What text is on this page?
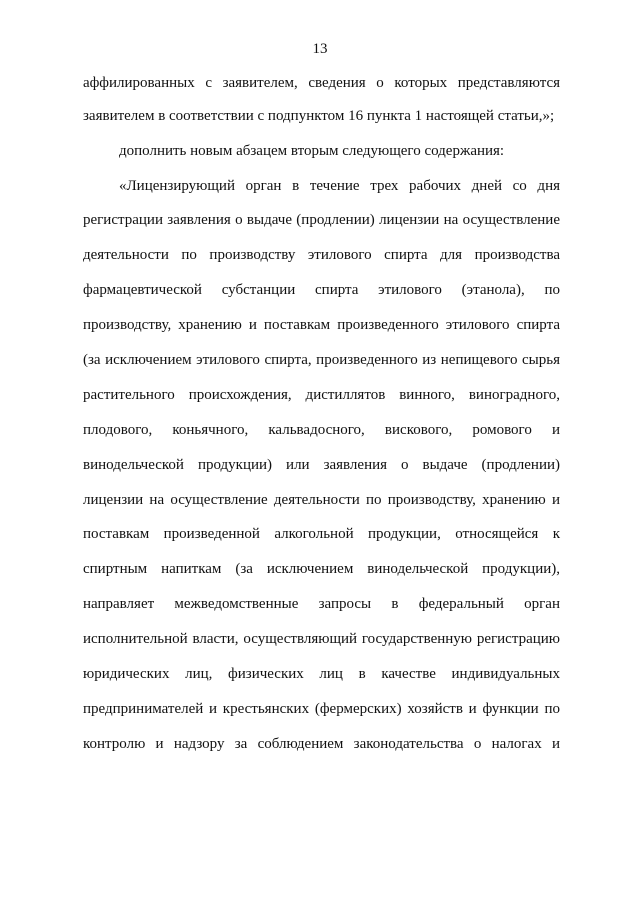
13
аффилированных с заявителем, сведения о которых представляются
заявителем в соответствии с подпунктом 16 пункта 1 настоящей статьи,»;
дополнить новым абзацем вторым следующего содержания:
«Лицензирующий орган в течение трех рабочих дней со дня
регистрации заявления о выдаче (продлении) лицензии на осуществление
деятельности по производству этилового спирта для производства
фармацевтической субстанции спирта этилового (этанола), по
производству, хранению и поставкам произведенного этилового спирта
(за исключением этилового спирта, произведенного из непищевого сырья
растительного происхождения, дистиллятов винного, виноградного,
плодового, коньячного, кальвадосного, вискового, ромового и
винодельческой продукции) или заявления о выдаче (продлении)
лицензии на осуществление деятельности по производству, хранению и
поставкам произведенной алкогольной продукции, относящейся к
спиртным напиткам (за исключением винодельческой продукции),
направляет межведомственные запросы в федеральный орган
исполнительной власти, осуществляющий государственную регистрацию
юридических лиц, физических лиц в качестве индивидуальных
предпринимателей и крестьянских (фермерских) хозяйств и функции по
контролю и надзору за соблюдением законодательства о налогах и
